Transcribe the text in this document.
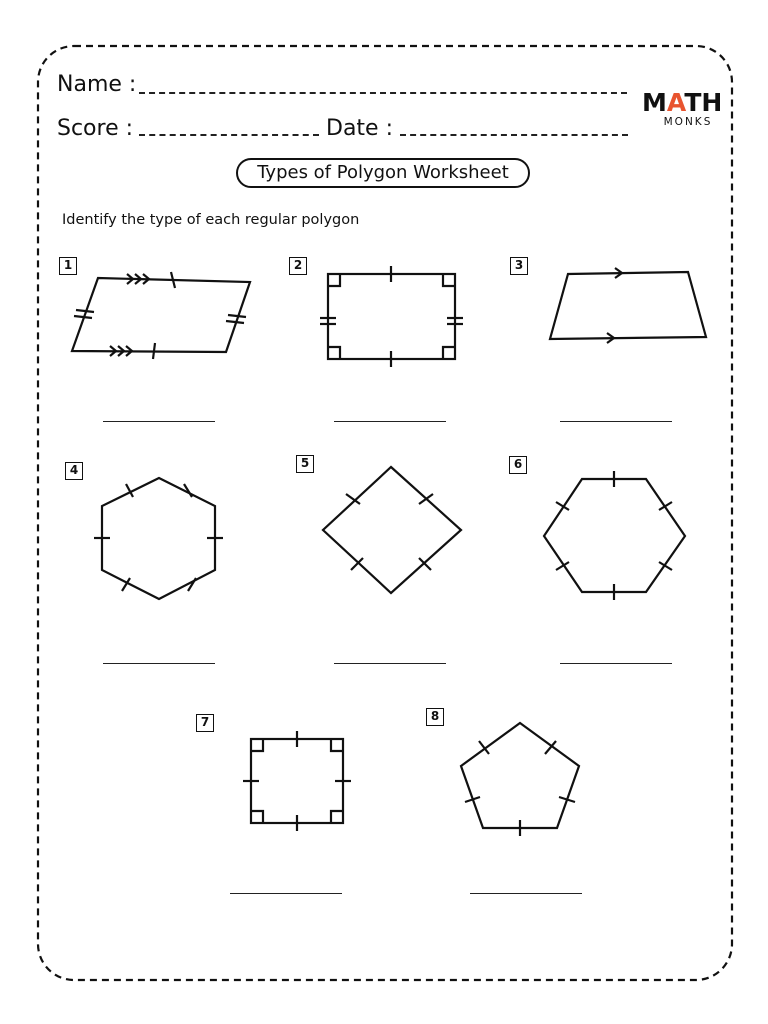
Name :
Score :	Date :
MATH
MONKS
Types of Polygon Worksheet
Identify the type of each regular polygon
1	2	3
4	5	6
7	8
